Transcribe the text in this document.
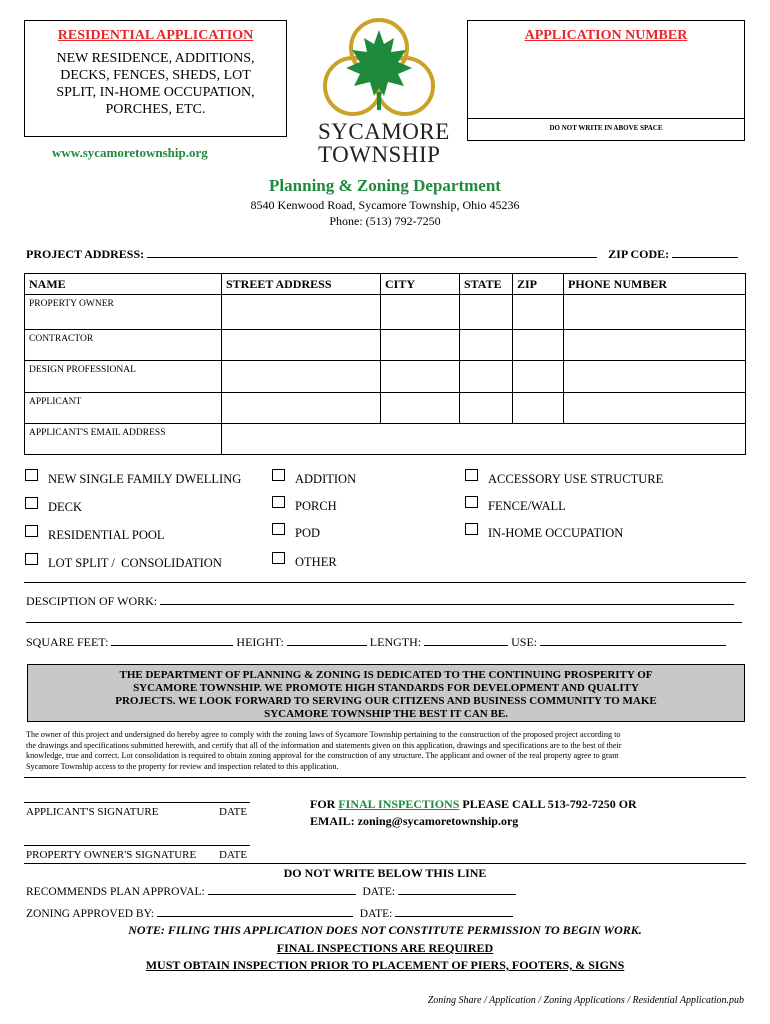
RESIDENTIAL APPLICATION
NEW RESIDENCE, ADDITIONS,
DECKS, FENCES, SHEDS, LOT
SPLIT, IN-HOME OCCUPATION,
PORCHES, ETC.
SYCAMORE
TOWNSHIP
APPLICATION NUMBER
DO NOT WRITE IN ABOVE SPACE
www.sycamoretownship.org
Planning & Zoning Department
8540 Kenwood Road, Sycamore Township, Ohio 45236
Phone: (513) 792-7250
PROJECT ADDRESS:	ZIP CODE:
NAME	STREET ADDRESS	CITY	STATE	ZIP	PHONE NUMBER
PROPERTY OWNER					
CONTRACTOR					
DESIGN PROFESSIONAL					
APPLICANT					
APPLICANT'S EMAIL ADDRESS					
NEW SINGLE FAMILY DWELLING
DECK
RESIDENTIAL POOL
LOT SPLIT /  CONSOLIDATION
ADDITION
PORCH
POD
OTHER
ACCESSORY USE STRUCTURE
FENCE/WALL
IN-HOME OCCUPATION
DESCIPTION OF WORK:
SQUARE FEET:	HEIGHT:	LENGTH:	USE:
THE DEPARTMENT OF PLANNING & ZONING IS DEDICATED TO THE CONTINUING PROSPERITY OF
SYCAMORE TOWNSHIP. WE PROMOTE HIGH STANDARDS FOR DEVELOPMENT AND QUALITY
PROJECTS. WE LOOK FORWARD TO SERVING OUR CITIZENS AND BUSINESS COMMUNITY TO MAKE
SYCAMORE TOWNSHIP THE BEST IT CAN BE.
The owner of this project and undersigned do hereby agree to comply with the zoning laws of Sycamore Township pertaining to the construction of the proposed project according to
the drawings and specifications submitted herewith, and certify that all of the information and statements given on this application, drawings and specifications are to the best of their
knowledge, true and correct. Lot consolidation is required to obtain zoning approval for the construction of any structure. The applicant and owner of the real property agree to grant
Sycamore Township access to the property for review and inspection related to this application.
APPLICANT'S SIGNATURE	DATE
FOR FINAL INSPECTIONS PLEASE CALL 513-792-7250 OR
EMAIL: zoning@sycamoretownship.org
PROPERTY OWNER'S SIGNATURE DATE
DO NOT WRITE BELOW THIS LINE
RECOMMENDS PLAN APPROVAL:	DATE:
ZONING APPROVED BY:	DATE:
NOTE: FILING THIS APPLICATION DOES NOT CONSTITUTE PERMISSION TO BEGIN WORK.
FINAL INSPECTIONS ARE REQUIRED
MUST OBTAIN INSPECTION PRIOR TO PLACEMENT OF PIERS, FOOTERS, & SIGNS
Zoning Share / Application / Zoning Applications / Residential Application.pub
